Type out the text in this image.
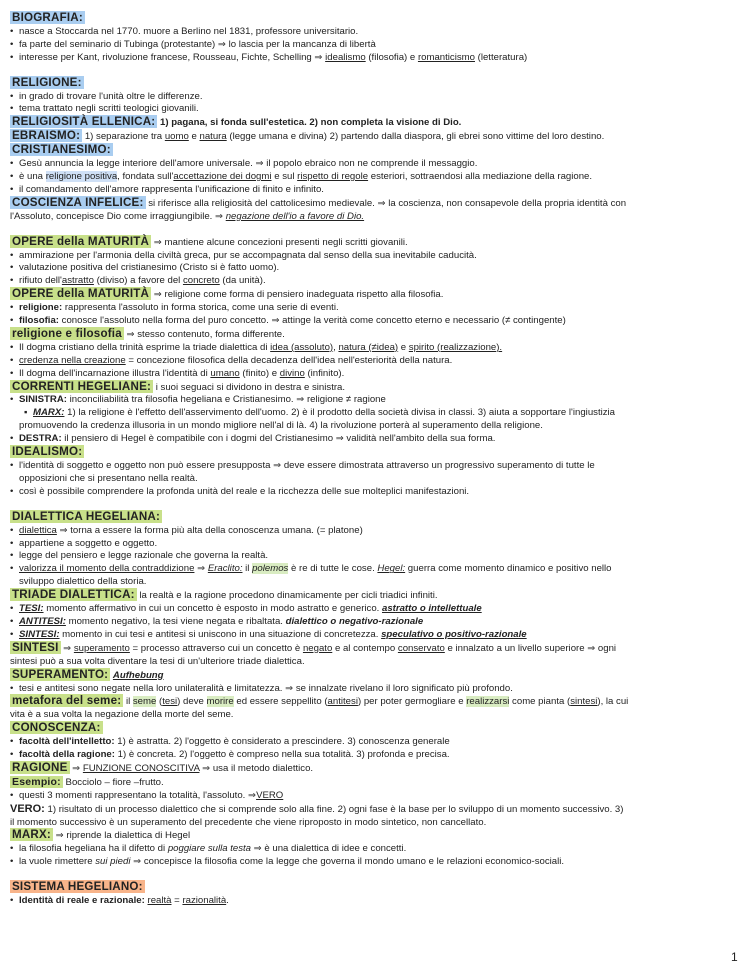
BIOGRAFIA:
• nasce a Stoccarda nel 1770. muore a Berlino nel 1831, professore universitario.
• fa parte del seminario di Tubinga (protestante) ⇒ lo lascia per la mancanza di libertà
• interesse per Kant, rivoluzione francese, Rousseau, Fichte, Schelling ⇒ idealismo (filosofia) e romanticismo (letteratura)
RELIGIONE:
• in grado di trovare l'unità oltre le differenze.
• tema trattato negli scritti teologici giovanili.
RELIGIOSITÀ ELLENICA: 1) pagana, si fonda sull'estetica. 2) non completa la visione di Dio.
EBRAISMO: 1) separazione tra uomo e natura (legge umana e divina) 2) partendo dalla diaspora, gli ebrei sono vittime del loro destino.
CRISTIANESIMO:
• Gesù annuncia la legge interiore dell'amore universale. ⇒ il popolo ebraico non ne comprende il messaggio.
• è una religione positiva, fondata sull'accettazione dei dogmi e sul rispetto di regole esteriori, sottraendosi alla mediazione della ragione.
• il comandamento dell'amore rappresenta l'unificazione di finito e infinito.
COSCIENZA INFELICE: si riferisce alla religiosità del cattolicesimo medievale. ⇒ la coscienza, non consapevole della propria identità con
l'Assoluto, concepisce Dio come irraggiungibile. ⇒ negazione dell'io a favore di Dio.
OPERE della MATURITÀ ⇒ mantiene alcune concezioni presenti negli scritti giovanili.
• ammirazione per l'armonia della civiltà greca, pur se accompagnata dal senso della sua inevitabile caducità.
• valutazione positiva del cristianesimo (Cristo si è fatto uomo).
• rifiuto dell'astratto (diviso) a favore del concreto (da unità).
OPERE della MATURITÀ ⇒ religione come forma di pensiero inadeguata rispetto alla filosofia.
• religione: rappresenta l'assoluto in forma storica, come una serie di eventi.
• filosofia: conosce l'assoluto nella forma del puro concetto. ⇒ attinge la verità come concetto eterno e necessario (≠ contingente)
religione e filosofia ⇒ stesso contenuto, forma differente.
• Il dogma cristiano della trinità esprime la triade dialettica di idea (assoluto), natura (≠idea) e spirito (realizzazione).
• credenza nella creazione = concezione filosofica della decadenza dell'idea nell'esteriorità della natura.
• Il dogma dell'incarnazione illustra l'identità di umano (finito) e divino (infinito).
CORRENTI HEGELIANE: i suoi seguaci si dividono in destra e sinistra.
• SINISTRA: inconciliabilità tra filosofia hegeliana e Cristianesimo. ⇒ religione ≠ ragione
▪ MARX: 1) la religione è l'effetto dell'asservimento dell'uomo. 2) è il prodotto della società divisa in classi. 3) aiuta a sopportare l'ingiustizia
promuovendo la credenza illusoria in un mondo migliore nell'al di là. 4) la rivoluzione porterà al superamento della religione.
• DESTRA: il pensiero di Hegel è compatibile con i dogmi del Cristianesimo ⇒ validità nell'ambito della sua forma.
IDEALISMO:
• l'identità di soggetto e oggetto non può essere presupposta ⇒ deve essere dimostrata attraverso un progressivo superamento di tutte le
opposizioni che si presentano nella realtà.
• così è possibile comprendere la profonda unità del reale e la ricchezza delle sue molteplici manifestazioni.
DIALETTICA HEGELIANA:
• dialettica ⇒ torna a essere la forma più alta della conoscenza umana. (= platone)
• appartiene a soggetto e oggetto.
• legge del pensiero e legge razionale che governa la realtà.
• valorizza il momento della contraddizione ⇒ Eraclito: il polemos è re di tutte le cose. Hegel: guerra come momento dinamico e positivo nello
sviluppo dialettico della storia.
TRIADE DIALETTICA: la realtà e la ragione procedono dinamicamente per cicli triadici infiniti.
• TESI: momento affermativo in cui un concetto è esposto in modo astratto e generico. astratto o intellettuale
• ANTITESI: momento negativo, la tesi viene negata e ribaltata. dialettico o negativo-razionale
• SINTESI: momento in cui tesi e antitesi si uniscono in una situazione di concretezza. speculativo o positivo-razionale
SINTESI ⇒ superamento = processo attraverso cui un concetto è negato e al contempo conservato e innalzato a un livello superiore ⇒ ogni
sintesi può a sua volta diventare la tesi di un'ulteriore triade dialettica.
SUPERAMENTO: Aufhebung
• tesi e antitesi sono negate nella loro unilateralità e limitatezza. ⇒ se innalzate rivelano il loro significato più profondo.
metafora del seme: il seme (tesi) deve morire ed essere seppellito (antitesi) per poter germogliare e realizzarsi come pianta (sintesi), la cui
vita è a sua volta la negazione della morte del seme.
CONOSCENZA:
• facoltà dell'intelletto: 1) è astratta. 2) l'oggetto è considerato a prescindere. 3) conoscenza generale
• facoltà della ragione: 1) è concreta. 2) l'oggetto è compreso nella sua totalità. 3) profonda e precisa.
RAGIONE ⇒ FUNZIONE CONOSCITIVA ⇒ usa il metodo dialettico.
Esempio: Bocciolo – fiore –frutto.
• questi 3 momenti rappresentano la totalità, l'assoluto. ⇒VERO
VERO: 1) risultato di un processo dialettico che si comprende solo alla fine. 2) ogni fase è la base per lo sviluppo di un momento successivo. 3)
il momento successivo è un superamento del precedente che viene riproposto in modo sintetico, non cancellato.
MARX: ⇒ riprende la dialettica di Hegel
• la filosofia hegeliana ha il difetto di poggiare sulla testa ⇒ è una dialettica di idee e concetti.
• la vuole rimettere sui piedi ⇒ concepisce la filosofia come la legge che governa il mondo umano e le relazioni economico-sociali.
SISTEMA HEGELIANO:
• Identità di reale e razionale: realtà = razionalità.
1
